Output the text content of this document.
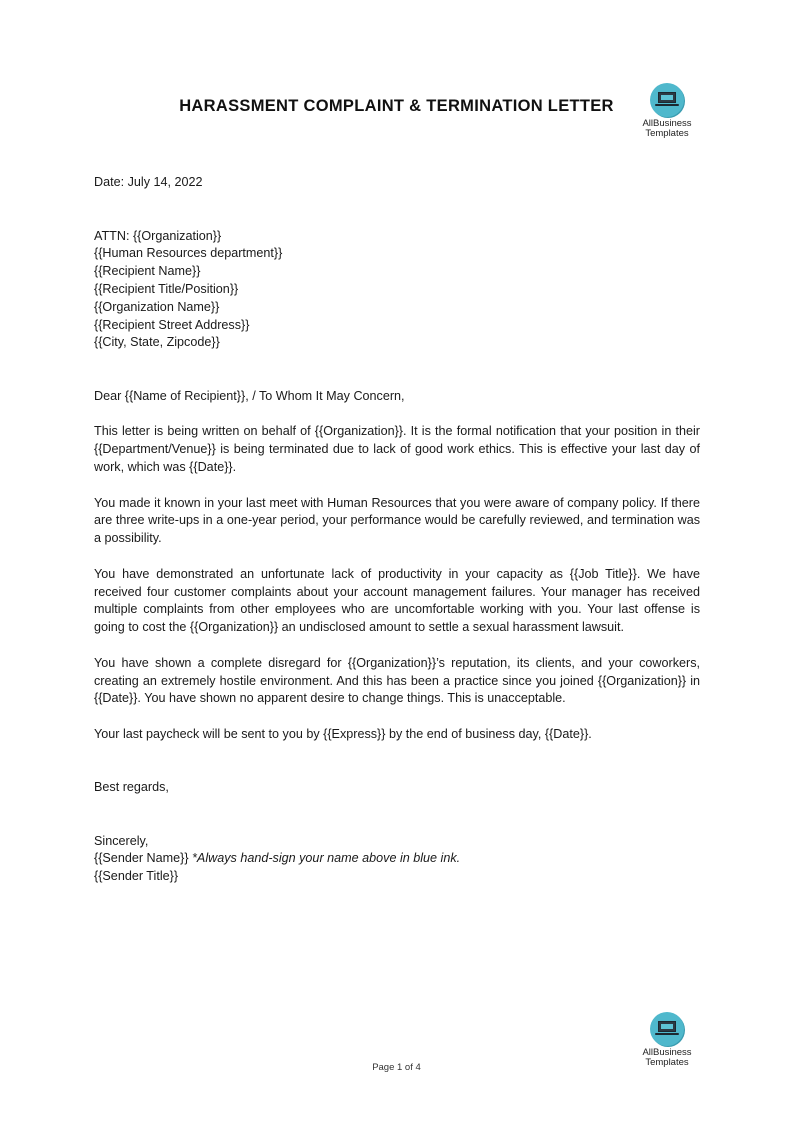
HARASSMENT COMPLAINT & TERMINATION LETTER
AllBusiness
Templates

Date: July 14, 2022

ATTN: {{Organization}}

{{Human Resources department}}

{{Recipient Name}}

{{Recipient Title/Position}}

{{Organization Name}}

{{Recipient Street Address}}

{{City, State, Zipcode}}

Dear {{Name of Recipient}}, / To Whom It May Concern,

This letter is being written on behalf of {{Organization}}. It is the formal notification that your position in their {{Department/Venue}} is being terminated due to lack of good work ethics. This is effective your last day of work, which was {{Date}}.

You made it known in your last meet with Human Resources that you were aware of company policy. If there are three write-ups in a one-year period, your performance would be carefully reviewed, and termination was a possibility.

You have demonstrated an unfortunate lack of productivity in your capacity as {{Job Title}}. We have received four customer complaints about your account management failures. Your manager has received multiple complaints from other employees who are uncomfortable working with you. Your last offense is going to cost the {{Organization}} an undisclosed amount to settle a sexual harassment lawsuit.

You have shown a complete disregard for {{Organization}}’s reputation, its clients, and your coworkers, creating an extremely hostile environment. And this has been a practice since you joined {{Organization}} in {{Date}}. You have shown no apparent desire to change things. This is unacceptable.

Your last paycheck will be sent to you by {{Express}} by the end of business day, {{Date}}.

Best regards,

Sincerely,

{{Sender Name}} *Always hand-sign your name above in blue ink.

{{Sender Title}}

AllBusiness
Templates
Page 1 of 4
